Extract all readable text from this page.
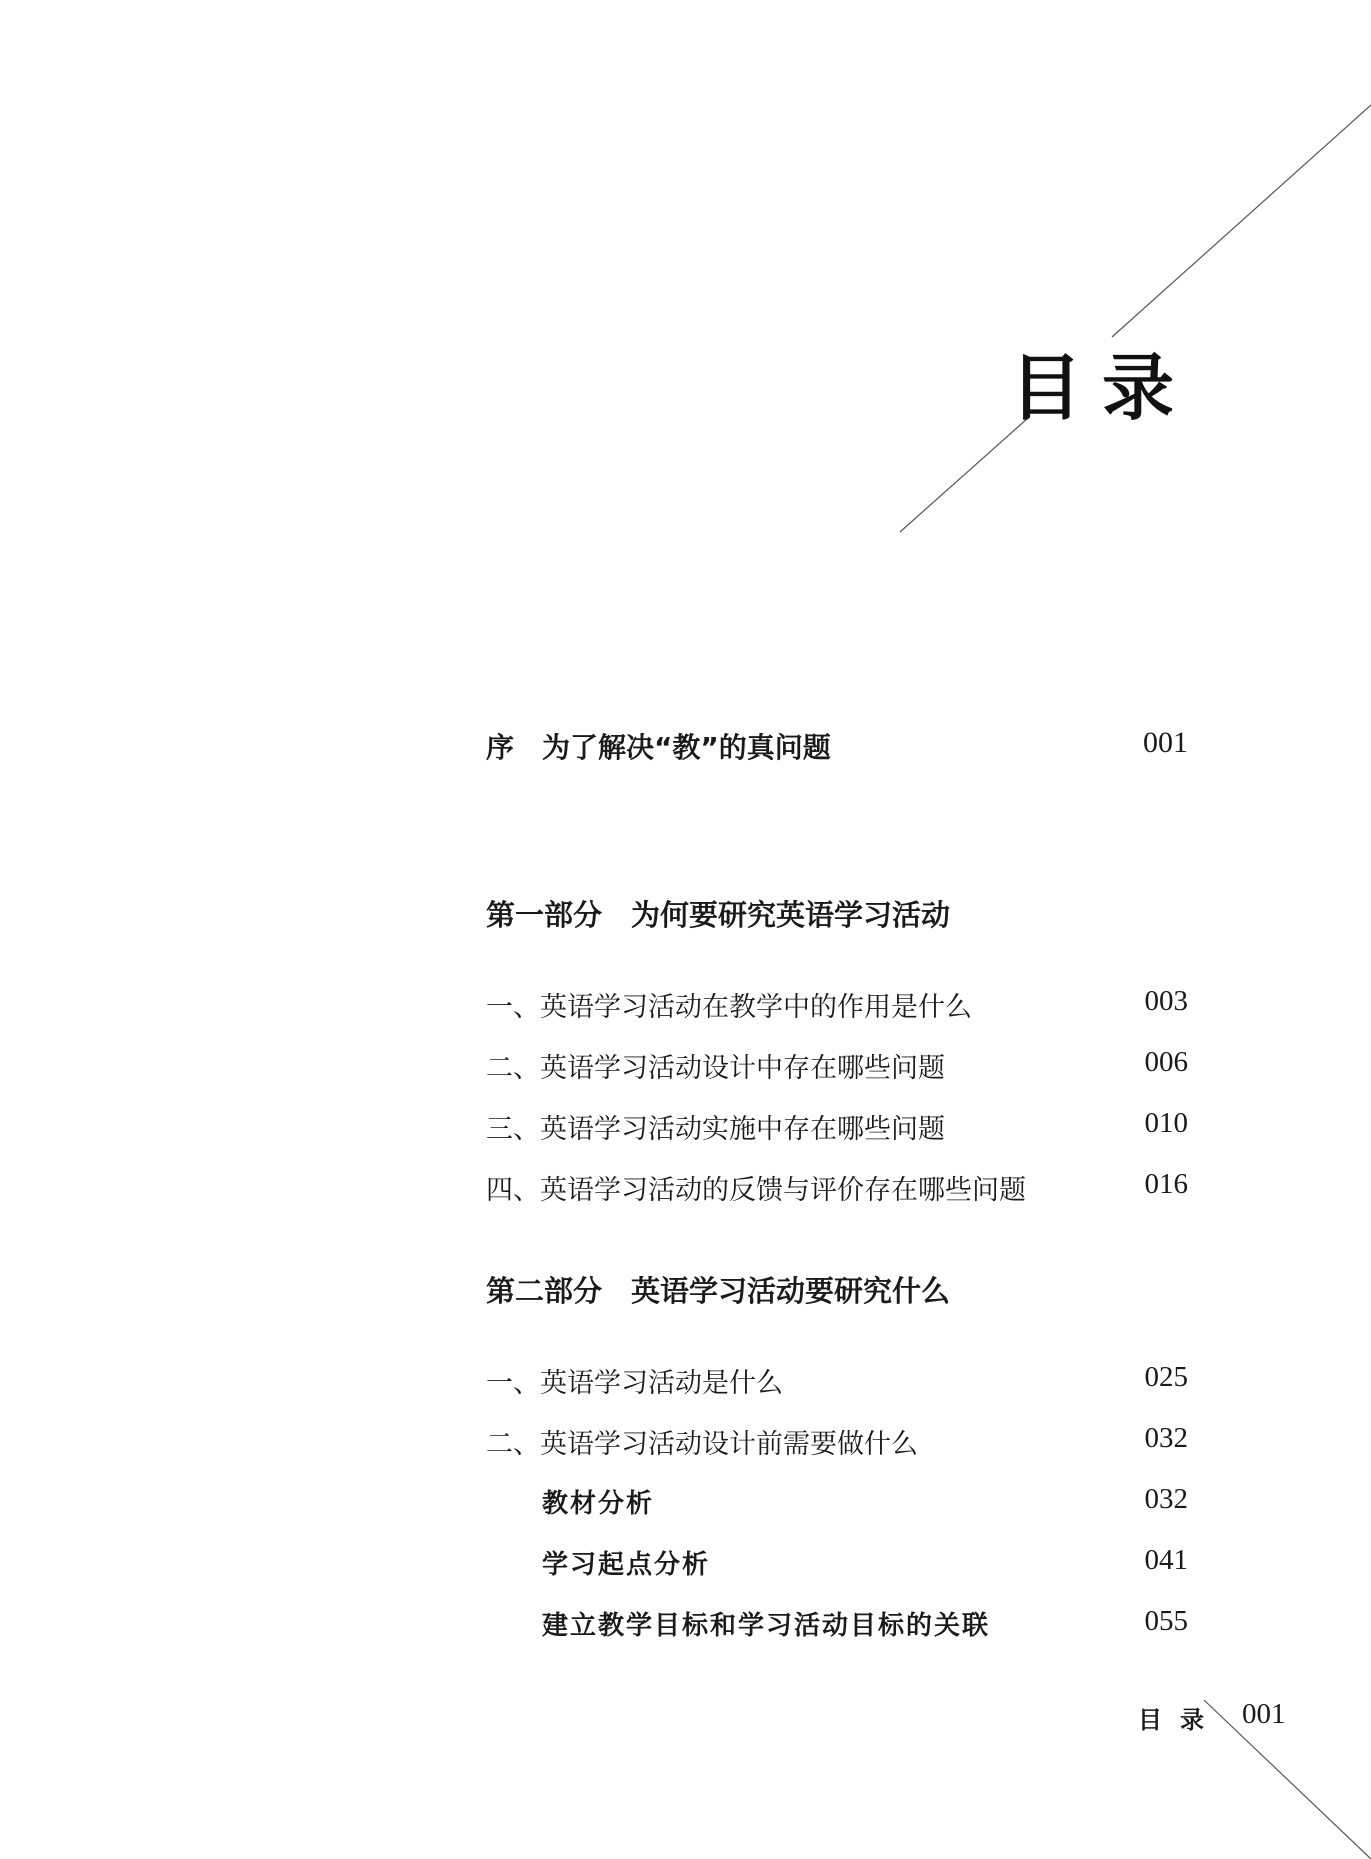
目录
序　为了解决“教”的真问题	001
第一部分　为何要研究英语学习活动
一、英语学习活动在教学中的作用是什么	003
二、英语学习活动设计中存在哪些问题	006
三、英语学习活动实施中存在哪些问题	010
四、英语学习活动的反馈与评价存在哪些问题	016
第二部分　英语学习活动要研究什么
一、英语学习活动是什么	025
二、英语学习活动设计前需要做什么	032
教材分析	032
学习起点分析	041
建立教学目标和学习活动目标的关联	055
目录 001
